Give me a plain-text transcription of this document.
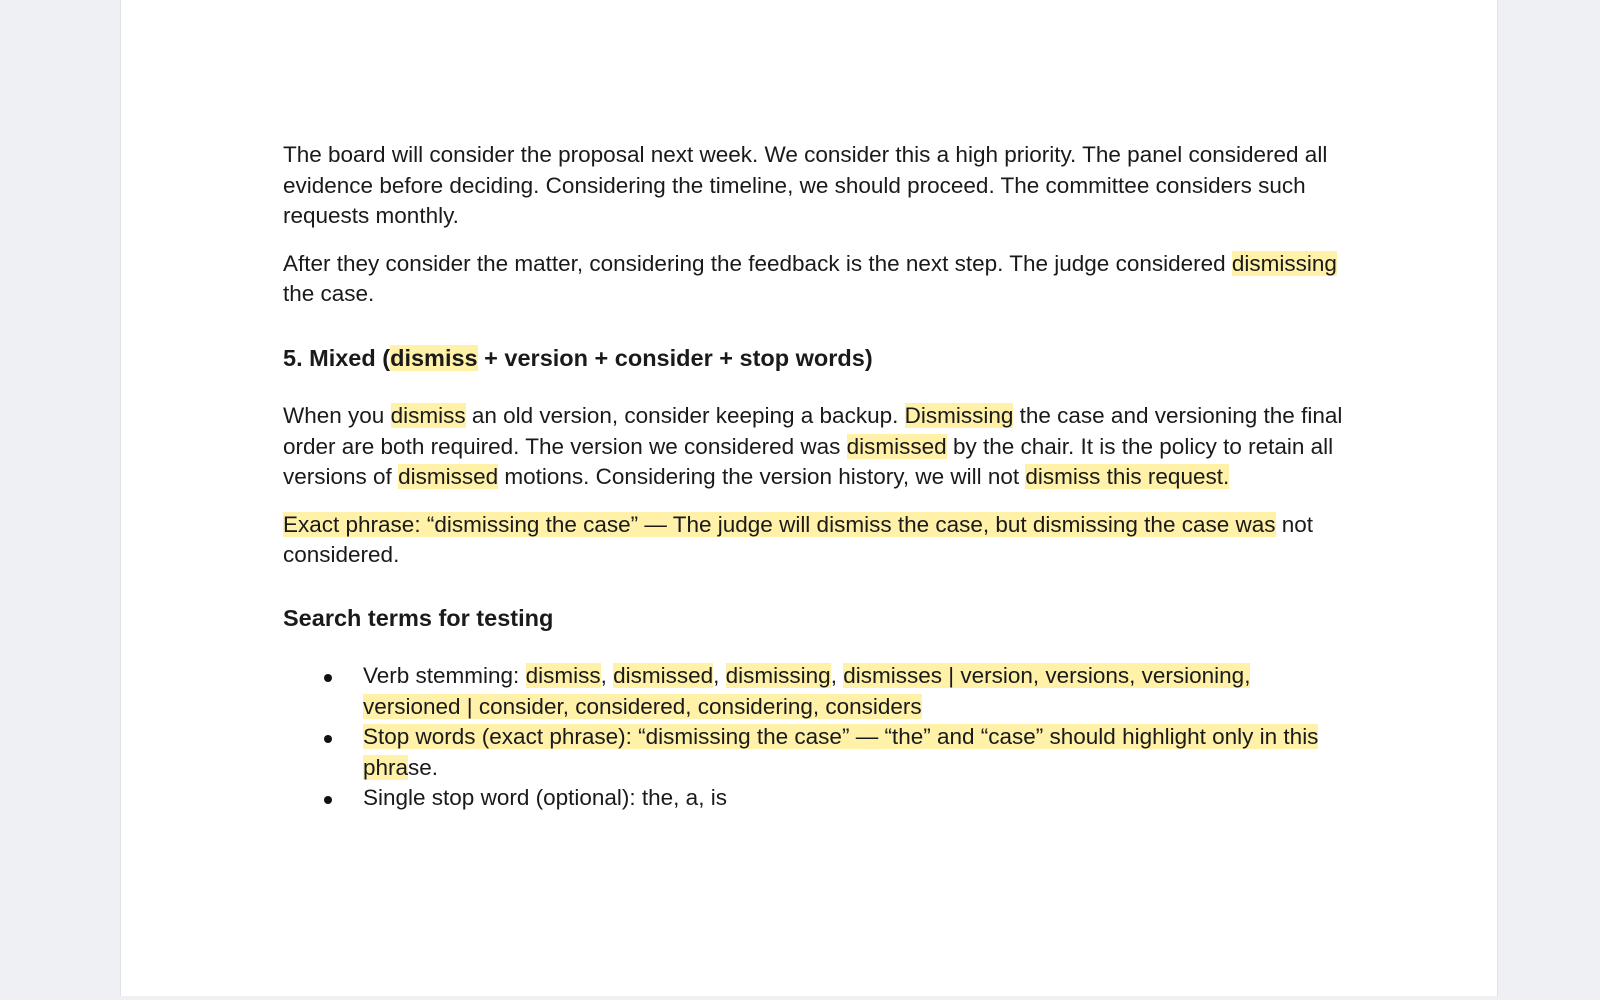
The board will consider the proposal next week. We consider this a high priority. The panel considered all evidence before deciding. Considering the timeline, we should proceed. The committee considers such requests monthly.

After they consider the matter, considering the feedback is the next step. The judge considered dismissing the case.

5. Mixed (dismiss + version + consider + stop words)

When you dismiss an old version, consider keeping a backup. Dismissing the case and versioning the final order are both required. The version we considered was dismissed by the chair. It is the policy to retain all versions of dismissed motions. Considering the version history, we will not dismiss this request.

Exact phrase: “dismissing the case” — The judge will dismiss the case, but dismissing the case was not considered.

Search terms for testing

Verb stemming: dismiss, dismissed, dismissing, dismisses | version, versions, versioning, versioned | consider, considered, considering, considers
Stop words (exact phrase): “dismissing the case” — “the” and “case” should highlight only in this phrase.
Single stop word (optional): the, a, is
